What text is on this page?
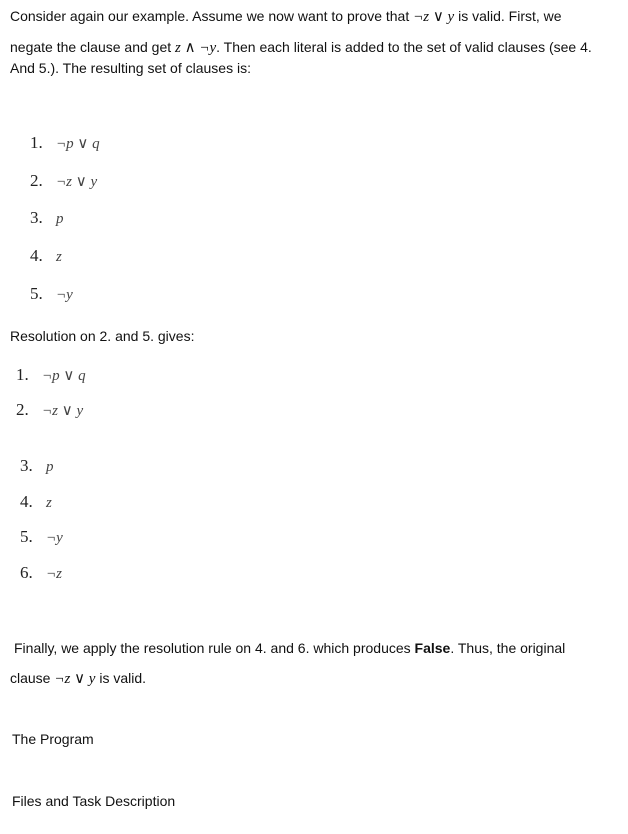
Consider again our example. Assume we now want to prove that ¬z ∨ y is valid. First, we
negate the clause and get z ∧ ¬y. Then each literal is added to the set of valid clauses (see 4.
And 5.). The resulting set of clauses is:
1. ¬p ∨ q
2. ¬z ∨ y
3. p
4. z
5. ¬y
Resolution on 2. and 5. gives:
1. ¬p ∨ q
2. ¬z ∨ y
3. p
4. z
5. ¬y
6. ¬z
Finally, we apply the resolution rule on 4. and 6. which produces False. Thus, the original
clause ¬z ∨ y is valid.
The Program
Files and Task Description
